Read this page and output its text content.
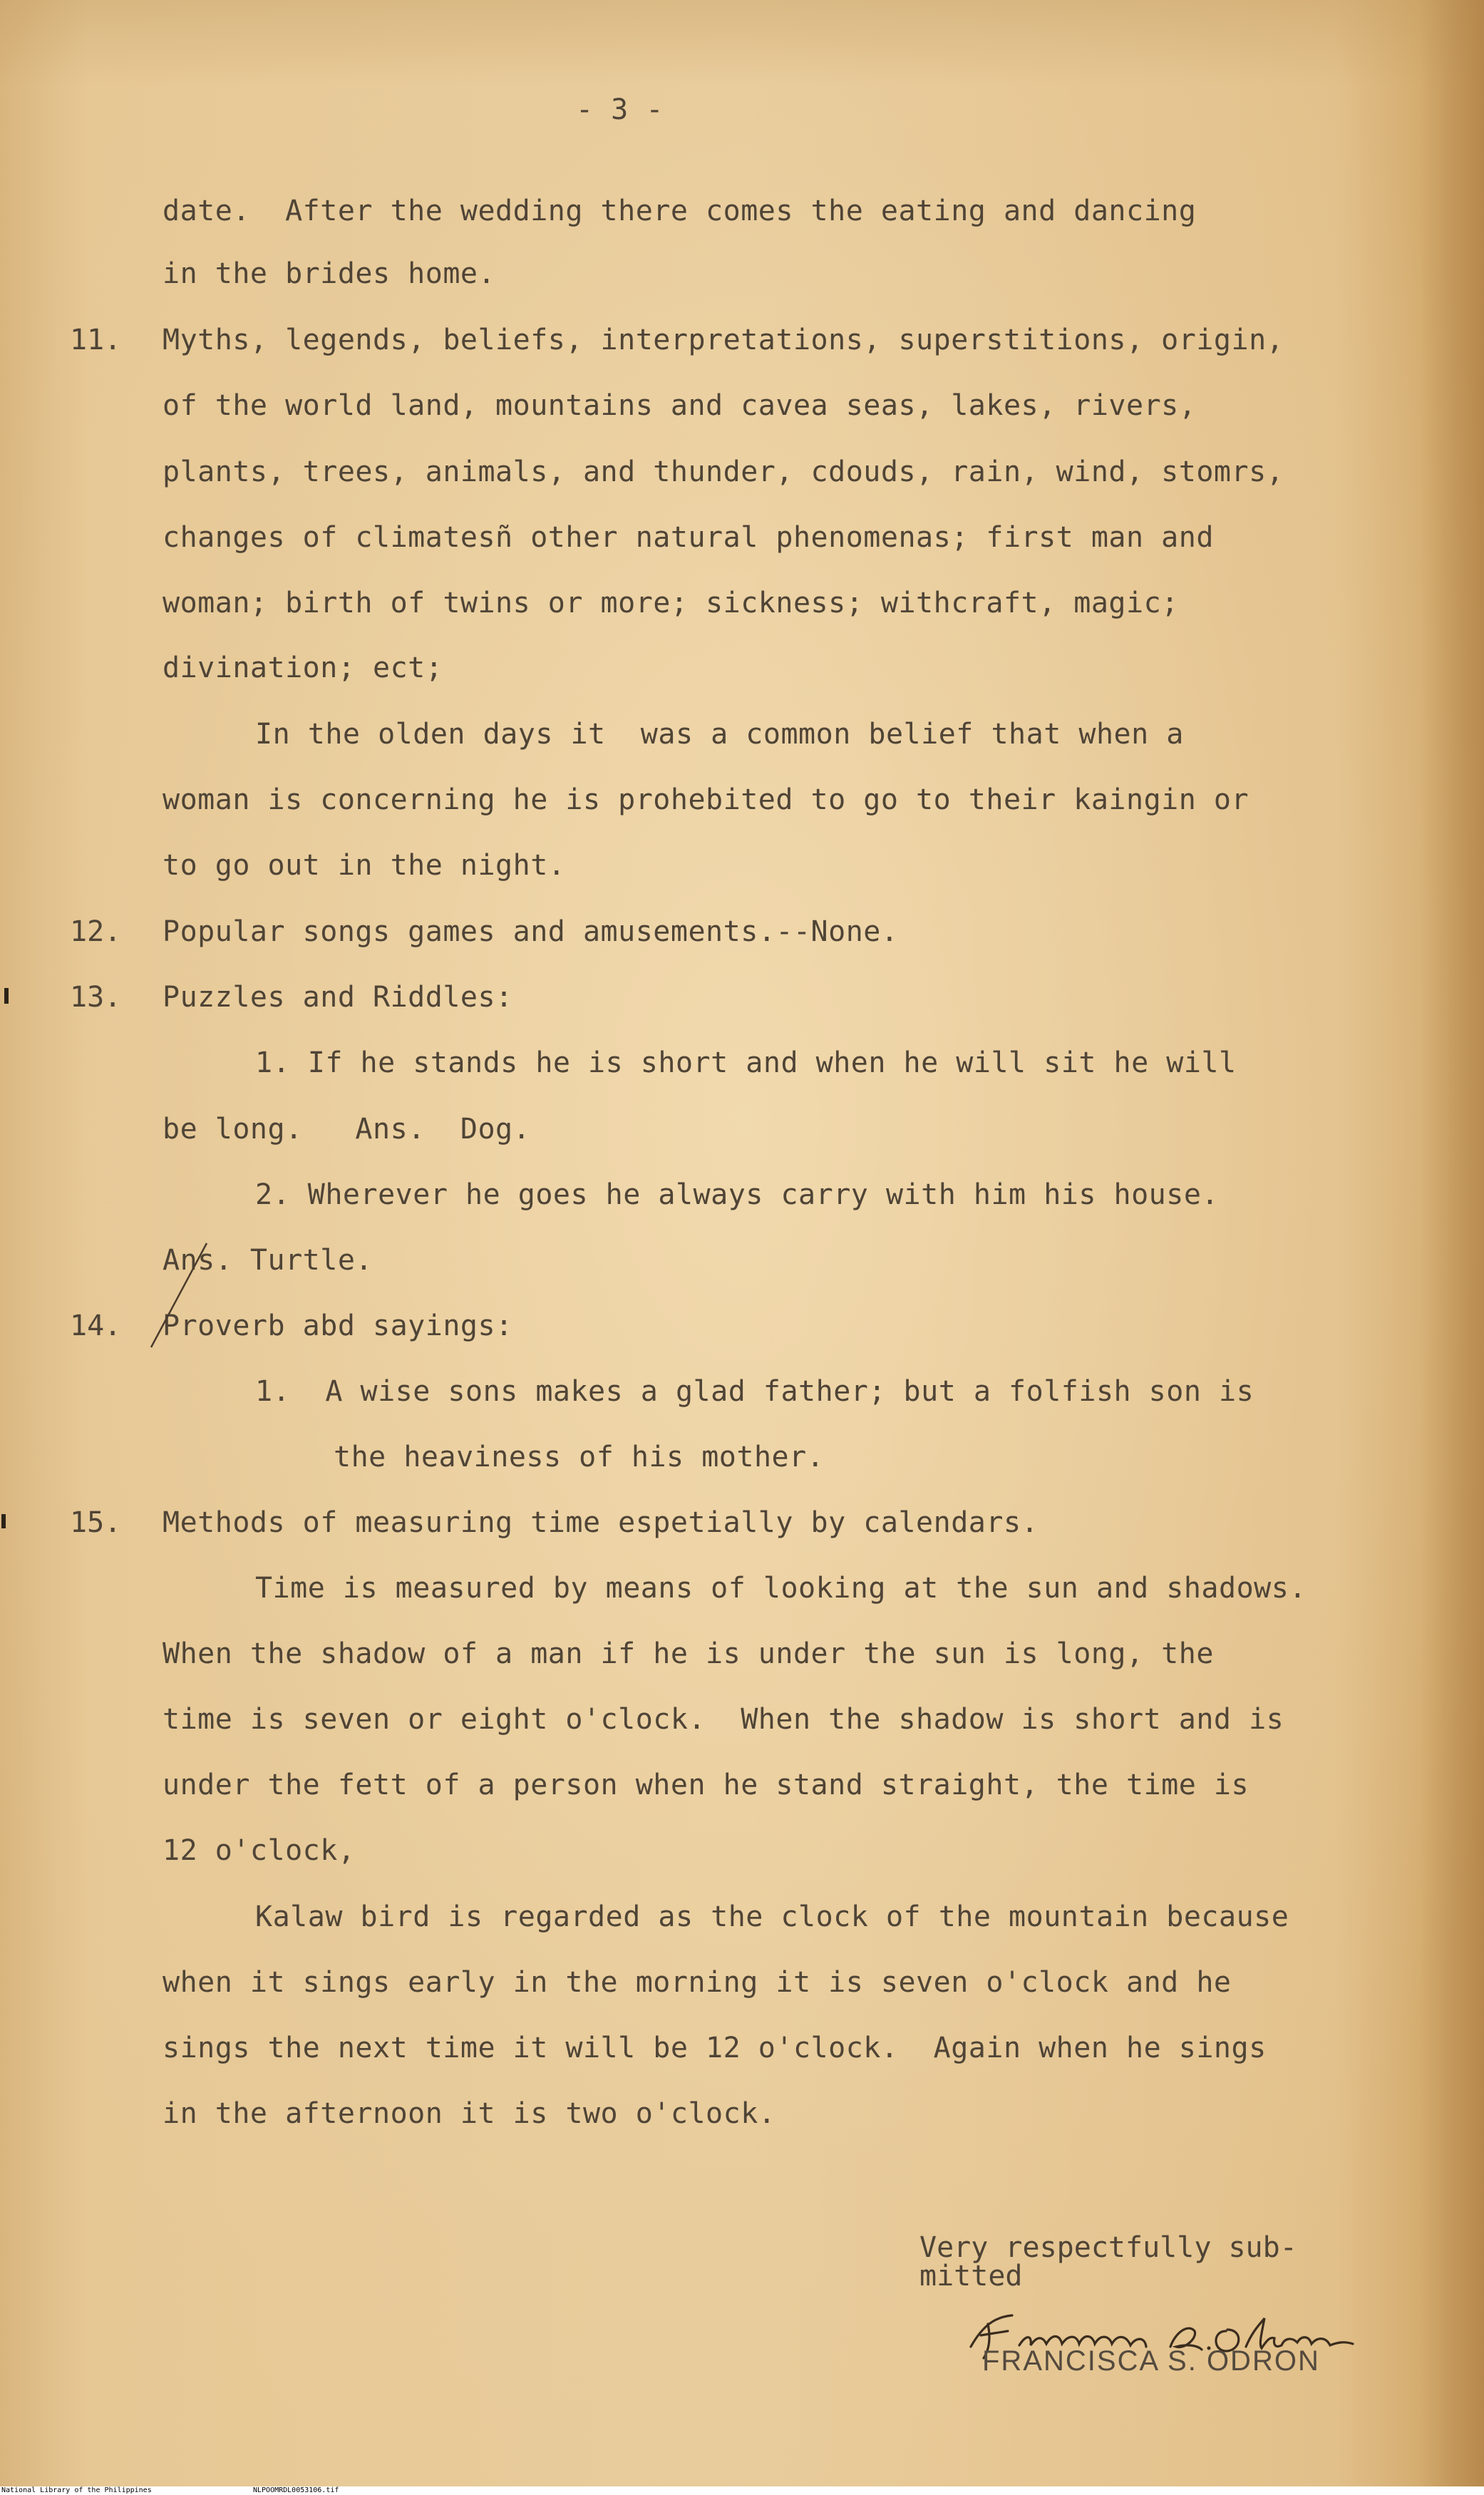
- 3 -
date.  After the wedding there comes the eating and dancing
in the brides home.
11. Myths, legends, beliefs, interpretations, superstitions, origin,
of the world land, mountains and cavea seas, lakes, rivers,
plants, trees, animals, and thunder, cdouds, rain, wind, stomrs,
changes of climatesñ other natural phenomenas; first man and
woman; birth of twins or more; sickness; withcraft, magic;
divination; ect;
In the olden days it  was a common belief that when a
woman is concerning he is prohebited to go to their kaingin or
to go out in the night.
12. Popular songs games and amusements.--None.
13. Puzzles and Riddles:
1. If he stands he is short and when he will sit he will
be long.   Ans.  Dog.
2. Wherever he goes he always carry with him his house.
Ans. Turtle.
14. Proverb abd sayings:
1.  A wise sons makes a glad father; but a folfish son is
the heaviness of his mother.
15. Methods of measuring time espetially by calendars.
Time is measured by means of looking at the sun and shadows.
When the shadow of a man if he is under the sun is long, the
time is seven or eight o'clock.  When the shadow is short and is
under the fett of a person when he stand straight, the time is
12 o'clock,
Kalaw bird is regarded as the clock of the mountain because
when it sings early in the morning it is seven o'clock and he
sings the next time it will be 12 o'clock.  Again when he sings
in the afternoon it is two o'clock.
Very respectfully sub-
mitted
FRANCISCA S. ODRON
National Library of the Philippines	NLPOOMRDL0053106.tif
